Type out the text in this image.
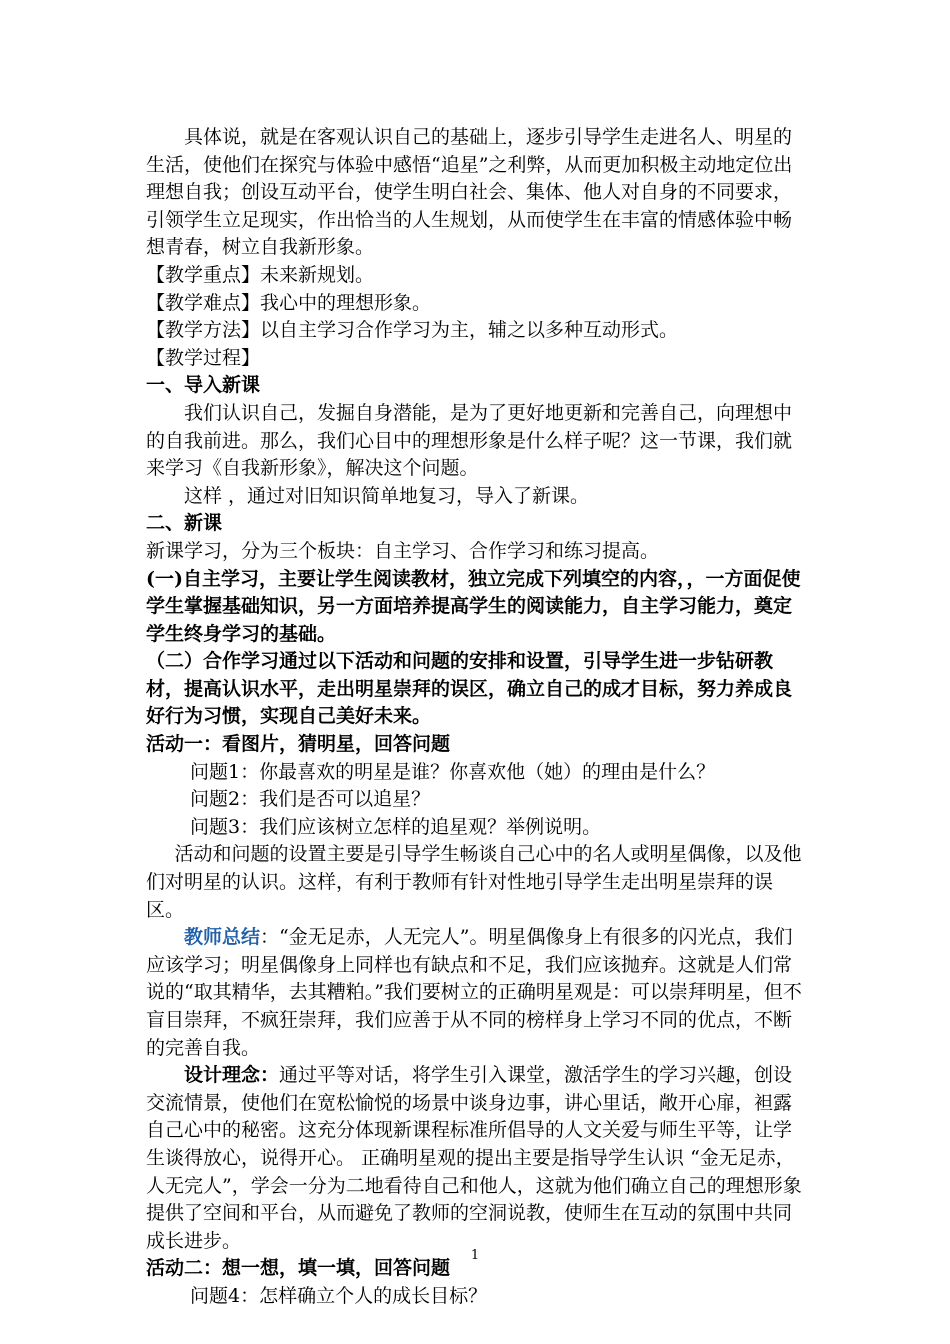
具体说，就是在客观认识自己的基础上，逐步引导学生走进名人、明星的生活，使他们在探究与体验中感悟“追星”之利弊，从而更加积极主动地定位出理想自我；创设互动平台，使学生明白社会、集体、他人对自身的不同要求，引领学生立足现实，作出恰当的人生规划，从而使学生在丰富的情感体验中畅想青春，树立自我新形象。

【教学重点】未来新规划。

【教学难点】我心中的理想形象。

【教学方法】以自主学习合作学习为主，辅之以多种互动形式。

【教学过程】

一、导入新课

我们认识自己，发掘自身潜能，是为了更好地更新和完善自己，向理想中的自我前进。那么，我们心目中的理想形象是什么样子呢？这一节课，我们就来学习《自我新形象》，解决这个问题。

这样 ，通过对旧知识简单地复习，导入了新课。

二、新课

新课学习，分为三个板块：自主学习、合作学习和练习提高。

(一)自主学习，主要让学生阅读教材，独立完成下列填空的内容，，一方面促使学生掌握基础知识，另一方面培养提高学生的阅读能力，自主学习能力，奠定学生终身学习的基础。

（二）合作学习通过以下活动和问题的安排和设置，引导学生进一步钻研教材，提高认识水平，走出明星崇拜的误区，确立自己的成才目标，努力养成良好行为习惯，实现自己美好未来。

活动一：看图片，猜明星，回答问题

问题1：你最喜欢的明星是谁？你喜欢他（她）的理由是什么？

问题2：我们是否可以追星？

问题3：我们应该树立怎样的追星观？举例说明。

活动和问题的设置主要是引导学生畅谈自己心中的名人或明星偶像，以及他们对明星的认识。这样，有利于教师有针对性地引导学生走出明星崇拜的误区。

教师总结：“金无足赤，人无完人”。明星偶像身上有很多的闪光点，我们应该学习；明星偶像身上同样也有缺点和不足，我们应该抛弃。这就是人们常说的“取其精华，去其糟粕。”我们要树立的正确明星观是：可以崇拜明星，但不盲目崇拜，不疯狂崇拜，我们应善于从不同的榜样身上学习不同的优点，不断的完善自我。

设计理念：通过平等对话，将学生引入课堂，激活学生的学习兴趣，创设交流情景，使他们在宽松愉悦的场景中谈身边事，讲心里话，敞开心扉，袒露自己心中的秘密。这充分体现新课程标准所倡导的人文关爱与师生平等，让学生谈得放心，说得开心。 正确明星观的提出主要是指导学生认识 “金无足赤，人无完人”，学会一分为二地看待自己和他人，这就为他们确立自己的理想形象提供了空间和平台，从而避免了教师的空洞说教，使师生在互动的氛围中共同成长进步。

活动二：想一想，填一填，回答问题

问题4：怎样确立个人的成长目标？

1
